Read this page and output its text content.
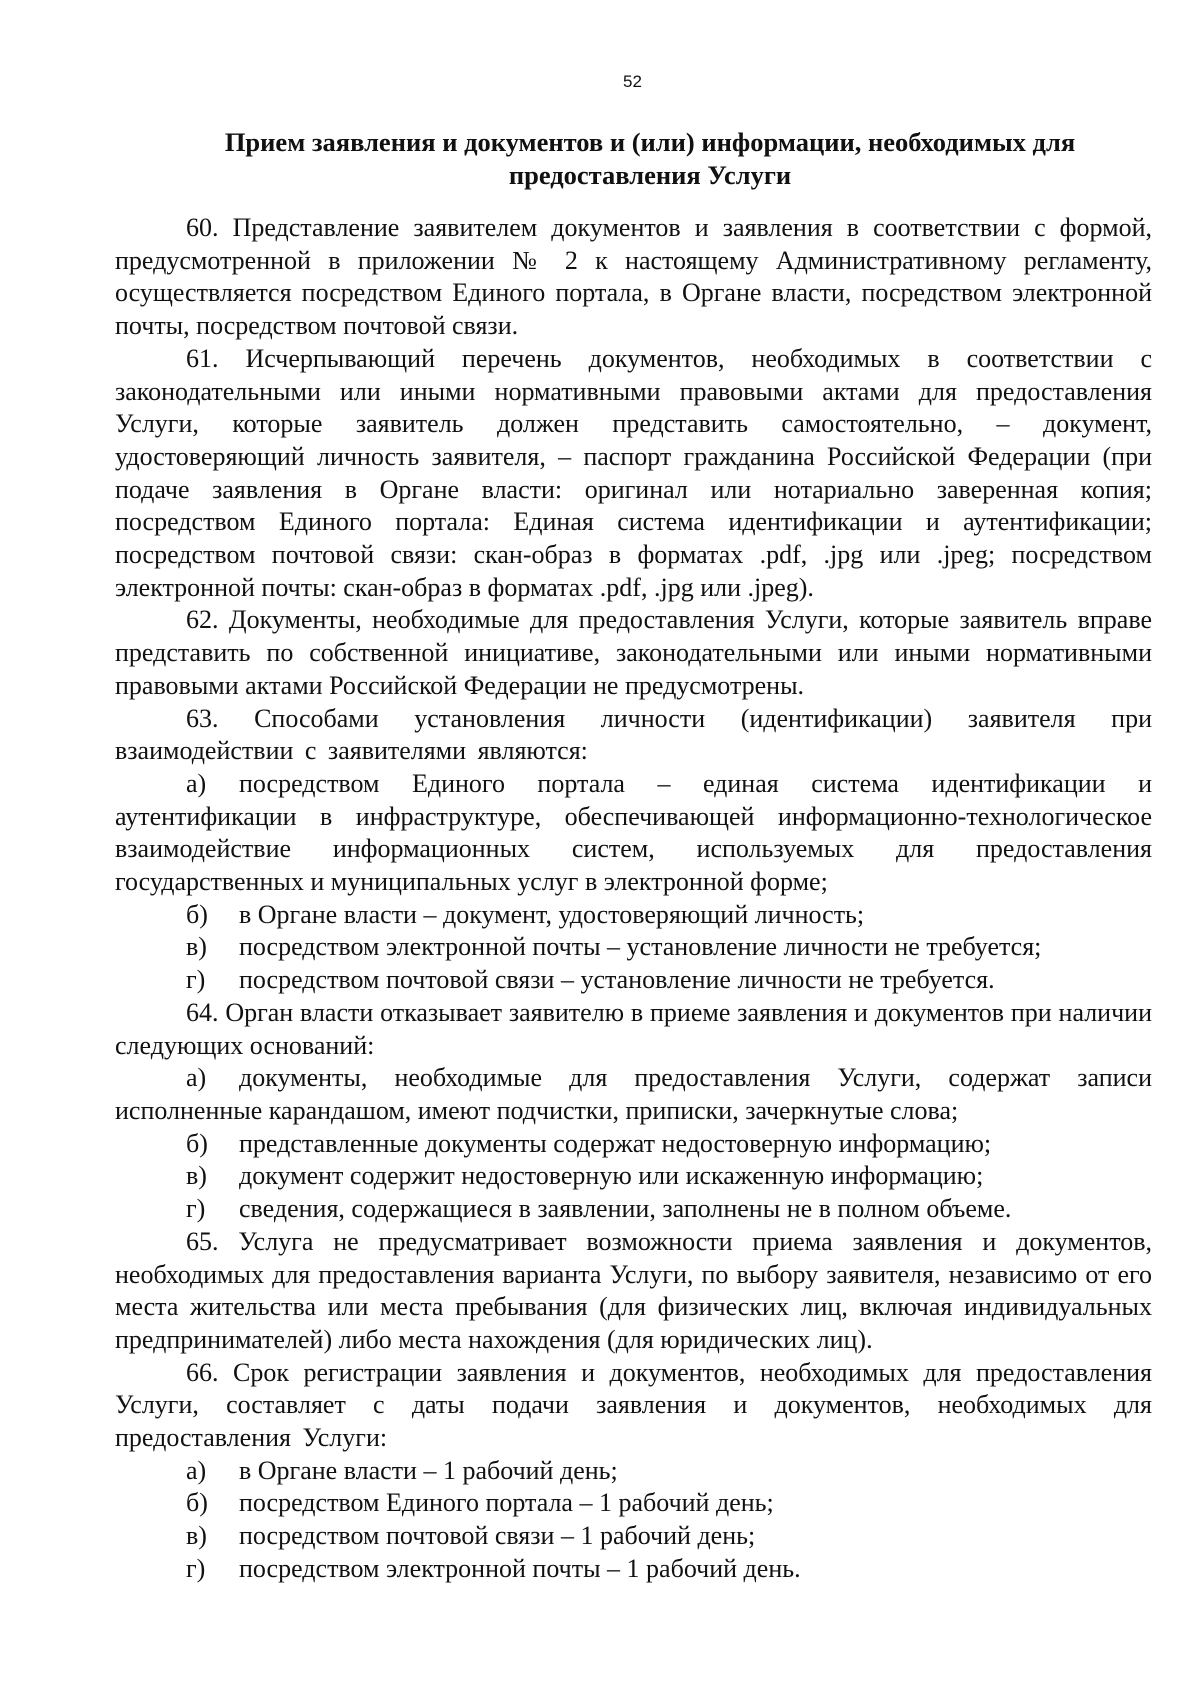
52
Прием заявления и документов и (или) информации, необходимых для
предоставления Услуги

60. Представление заявителем документов и заявления в соответствии с формой, предусмотренной в приложении № 2 к настоящему Административному регламенту, осуществляется посредством Единого портала, в Органе власти, посредством электронной почты, посредством почтовой связи.

61. Исчерпывающий перечень документов, необходимых в соответствии с законодательными или иными нормативными правовыми актами для предоставления Услуги, которые заявитель должен представить самостоятельно, – документ, удостоверяющий личность заявителя, – паспорт гражданина Российской Федерации (при подаче заявления в Органе власти: оригинал или нотариально заверенная копия; посредством Единого портала: Единая система идентификации и аутентификации; посредством почтовой связи: скан-образ в форматах .pdf, .jpg или .jpeg; посредством электронной почты: скан-образ в форматах .pdf, .jpg или .jpeg).

62. Документы, необходимые для предоставления Услуги, которые заявитель вправе представить по собственной инициативе, законодательными или иными нормативными правовыми актами Российской Федерации не предусмотрены.

63. Способами установления личности (идентификации) заявителя при взаимодействии с заявителями являются:

а) посредством Единого портала – единая система идентификации и аутентификации в инфраструктуре, обеспечивающей информационно-технологическое взаимодействие информационных систем, используемых для предоставления государственных и муниципальных услуг в электронной форме;

б) в Органе власти – документ, удостоверяющий личность;

в) посредством электронной почты – установление личности не требуется;

г) посредством почтовой связи – установление личности не требуется.

64. Орган власти отказывает заявителю в приеме заявления и документов при наличии следующих оснований:

а) документы, необходимые для предоставления Услуги, содержат записи исполненные карандашом, имеют подчистки, приписки, зачеркнутые слова;

б) представленные документы содержат недостоверную информацию;

в) документ содержит недостоверную или искаженную информацию;

г) сведения, содержащиеся в заявлении, заполнены не в полном объеме.

65. Услуга не предусматривает возможности приема заявления и документов, необходимых для предоставления варианта Услуги, по выбору заявителя, независимо от его места жительства или места пребывания (для физических лиц, включая индивидуальных предпринимателей) либо места нахождения (для юридических лиц).

66. Срок регистрации заявления и документов, необходимых для предоставления Услуги, составляет с даты подачи заявления и документов, необходимых для предоставления Услуги:

а) в Органе власти – 1 рабочий день;

б) посредством Единого портала – 1 рабочий день;

в) посредством почтовой связи – 1 рабочий день;

г) посредством электронной почты – 1 рабочий день.
